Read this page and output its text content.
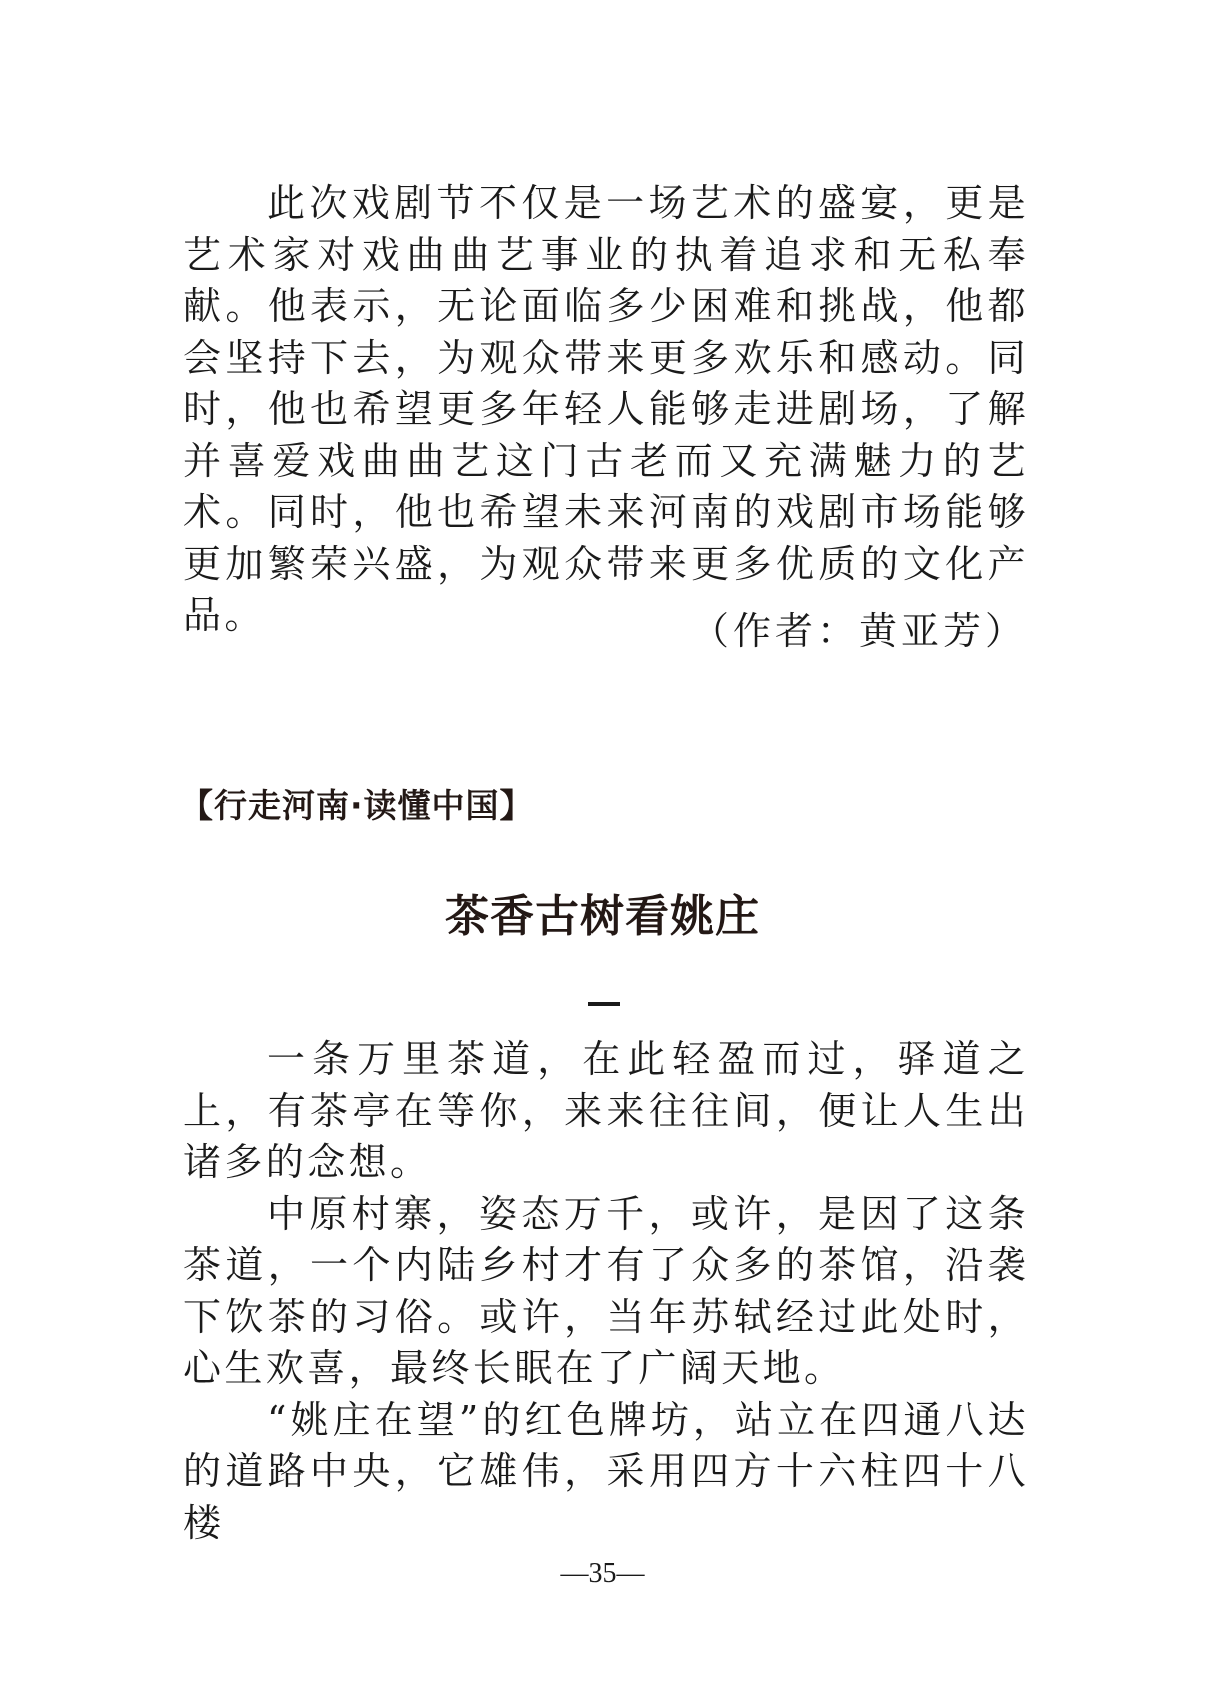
此次戏剧节不仅是一场艺术的盛宴，更是艺术家对戏曲曲艺事业的执着追求和无私奉献。他表示，无论面临多少困难和挑战，他都会坚持下去，为观众带来更多欢乐和感动。同时，他也希望更多年轻人能够走进剧场，了解并喜爱戏曲曲艺这门古老而又充满魅力的艺术。同时，他也希望未来河南的戏剧市场能够更加繁荣兴盛，为观众带来更多优质的文化产品。	（作者：黄亚芳）
【行走河南·读懂中国】
茶香古树看姚庄

一条万里茶道，在此轻盈而过，驿道之上，有茶亭在等你，来来往往间，便让人生出诸多的念想。

中原村寨，姿态万千，或许，是因了这条茶道，一个内陆乡村才有了众多的茶馆，沿袭下饮茶的习俗。或许，当年苏轼经过此处时，心生欢喜，最终长眠在了广阔天地。

“姚庄在望”的红色牌坊，站立在四通八达的道路中央，它雄伟，采用四方十六柱四十八楼

—35—
